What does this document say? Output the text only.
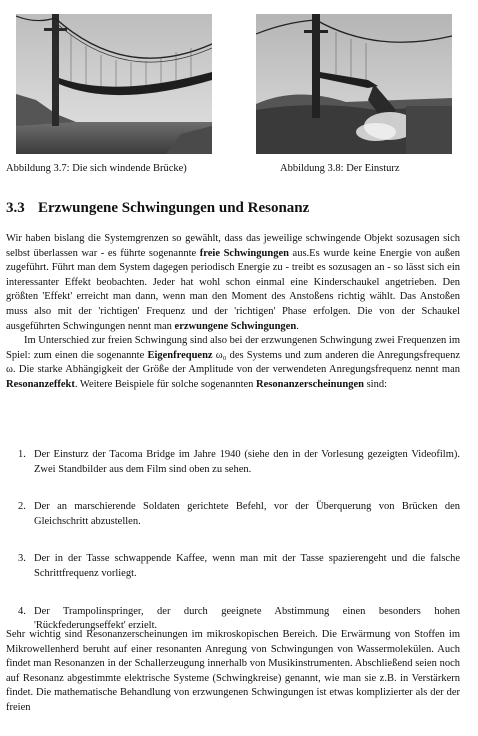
Abbildung 3.7: Die sich windende Brücke)	Abbildung 3.8: Der Einsturz
3.3 Erzwungene Schwingungen und Resonanz

Wir haben bislang die Systemgrenzen so gewählt, dass das jeweilige schwingende Objekt sozusagen sich selbst überlassen war - es führte sogenannte freie Schwingungen aus.Es wurde keine Energie von außen zugeführt. Führt man dem System dagegen periodisch Energie zu - treibt es sozusagen an - so lässt sich ein interessanter Effekt beobachten. Jeder hat wohl schon einmal eine Kinderschaukel angetrieben. Den größten 'Effekt' erreicht man dann, wenn man den Moment des Anstoßens richtig wählt. Das Anstoßen muss also mit der 'richtigen' Frequenz und der 'richtigen' Phase erfolgen. Die von der Schaukel ausgeführten Schwingungen nennt man erzwungene Schwingungen.

Im Unterschied zur freien Schwingung sind also bei der erzwungenen Schwingung zwei Frequenzen im Spiel: zum einen die sogenannte Eigenfrequenz ω₀ des Systems und zum anderen die Anregungsfrequenz ω. Die starke Abhängigkeit der Größe der Amplitude von der verwendeten Anregungsfrequenz nennt man Resonanzeffekt. Weitere Beispiele für solche sogenannten Resonanzerscheinungen sind:

1. Der Einsturz der Tacoma Bridge im Jahre 1940 (siehe den in der Vorlesung gezeigten Videofilm). Zwei Standbilder aus dem Film sind oben zu sehen.
2. Der an marschierende Soldaten gerichtete Befehl, vor der Überquerung von Brücken den Gleichschritt abzustellen.
3. Der in der Tasse schwappende Kaffee, wenn man mit der Tasse spazierengeht und die falsche Schrittfrequenz vorliegt.
4. Der Trampolinspringer, der durch geeignete Abstimmung einen besonders hohen 'Rückfederungseffekt' erzielt.

Sehr wichtig sind Resonanzerscheinungen im mikroskopischen Bereich. Die Erwärmung von Stoffen im Mikrowellenherd beruht auf einer resonanten Anregung von Schwingungen von Wassermolekülen. Auch findet man Resonanzen in der Schallerzeugung innerhalb von Musikinstrumenten. Abschließend seien noch auf Resonanz abgestimmte elektrische Systeme (Schwingkreise) genannt, wie man sie z.B. in Verstärkern findet. Die mathematische Behandlung von erzwungenen Schwingungen ist etwas komplizierter als der der freien
